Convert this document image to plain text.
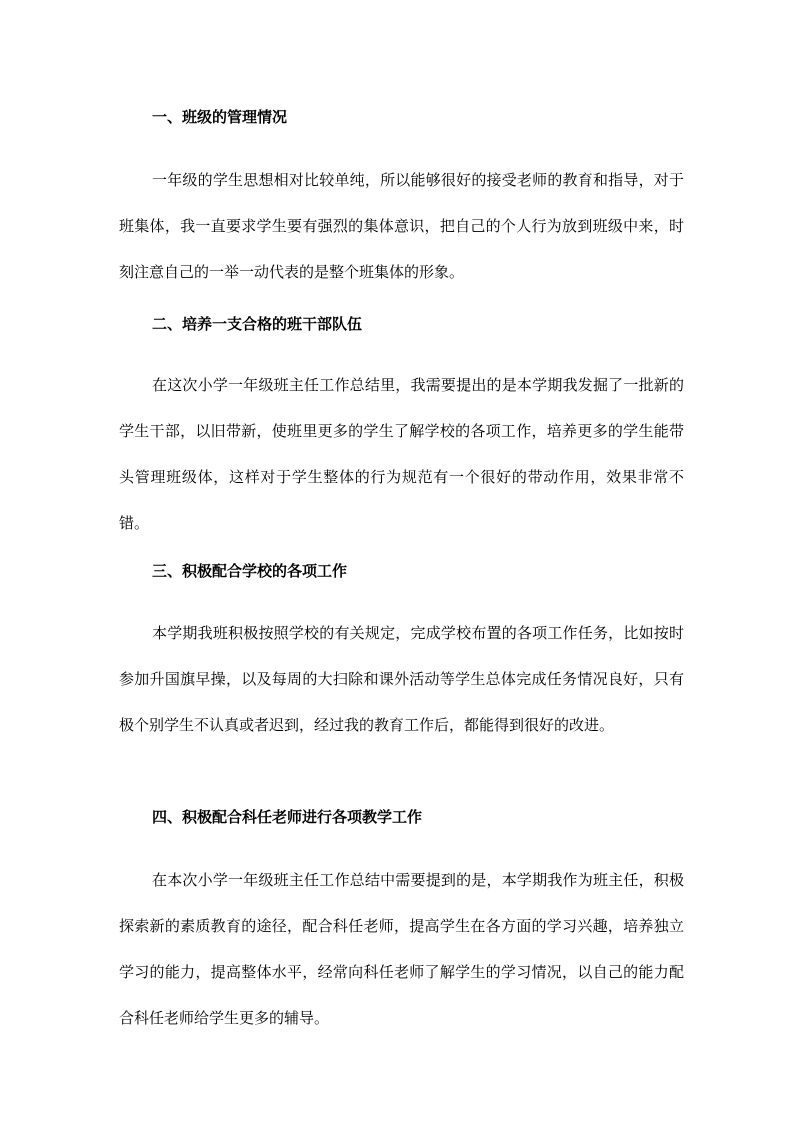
一、班级的管理情况

一年级的学生思想相对比较单纯，所以能够很好的接受老师的教育和指导，对于班集体，我一直要求学生要有强烈的集体意识，把自己的个人行为放到班级中来，时刻注意自己的一举一动代表的是整个班集体的形象。

二、培养一支合格的班干部队伍

在这次小学一年级班主任工作总结里，我需要提出的是本学期我发掘了一批新的学生干部，以旧带新，使班里更多的学生了解学校的各项工作，培养更多的学生能带头管理班级体，这样对于学生整体的行为规范有一个很好的带动作用，效果非常不错。

三、积极配合学校的各项工作

本学期我班积极按照学校的有关规定，完成学校布置的各项工作任务，比如按时参加升国旗早操，以及每周的大扫除和课外活动等学生总体完成任务情况良好，只有极个别学生不认真或者迟到，经过我的教育工作后，都能得到很好的改进。

四、积极配合科任老师进行各项教学工作

在本次小学一年级班主任工作总结中需要提到的是，本学期我作为班主任，积极探索新的素质教育的途径，配合科任老师，提高学生在各方面的学习兴趣，培养独立学习的能力，提高整体水平，经常向科任老师了解学生的学习情况，以自己的能力配合科任老师给学生更多的辅导。
